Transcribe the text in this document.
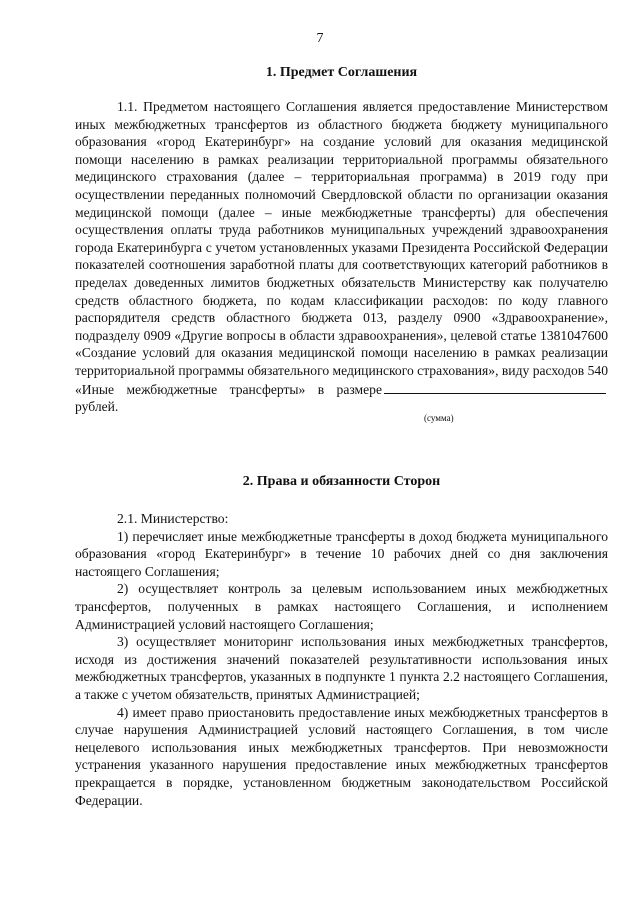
7
1. Предмет Соглашения

1.1. Предметом настоящего Соглашения является предоставление Министерством иных межбюджетных трансфертов из областного бюджета бюджету муниципального образования «город Екатеринбург» на создание условий для оказания медицинской помощи населению в рамках реализации территориальной программы обязательного медицинского страхования (далее – территориальная программа) в 2019 году при осуществлении переданных полномочий Свердловской области по организации оказания медицинской помощи (далее – иные межбюджетные трансферты) для обеспечения осуществления оплаты труда работников муниципальных учреждений здравоохранения города Екатеринбурга с учетом установленных указами Президента Российской Федерации показателей соотношения заработной платы для соответствующих категорий работников в пределах доведенных лимитов бюджетных обязательств Министерству как получателю средств областного бюджета, по кодам классификации расходов: по коду главного распорядителя средств областного бюджета 013, разделу 0900 «Здравоохранение», подразделу 0909 «Другие вопросы в области здравоохранения», целевой статье 1381047600 «Создание условий для оказания медицинской помощи населению в рамках реализации территориальной программы обязательного медицинского страхования», виду расходов 540 «Иные межбюджетные трансферты» в размерерублей.

(сумма)
2. Права и обязанности Сторон

2.1. Министерство:

1) перечисляет иные межбюджетные трансферты в доход бюджета муниципального образования «город Екатеринбург» в течение 10 рабочих дней со дня заключения настоящего Соглашения;

2) осуществляет контроль за целевым использованием иных межбюджетных трансфертов, полученных в рамках настоящего Соглашения, и исполнением Администрацией условий настоящего Соглашения;

3) осуществляет мониторинг использования иных межбюджетных трансфертов, исходя из достижения значений показателей результативности использования иных межбюджетных трансфертов, указанных в подпункте 1 пункта 2.2 настоящего Соглашения, а также с учетом обязательств, принятых Администрацией;

4) имеет право приостановить предоставление иных межбюджетных трансфертов в случае нарушения Администрацией условий настоящего Соглашения, в том числе нецелевого использования иных межбюджетных трансфертов. При невозможности устранения указанного нарушения предоставление иных межбюджетных трансфертов прекращается в порядке, установленном бюджетным законодательством Российской Федерации.
